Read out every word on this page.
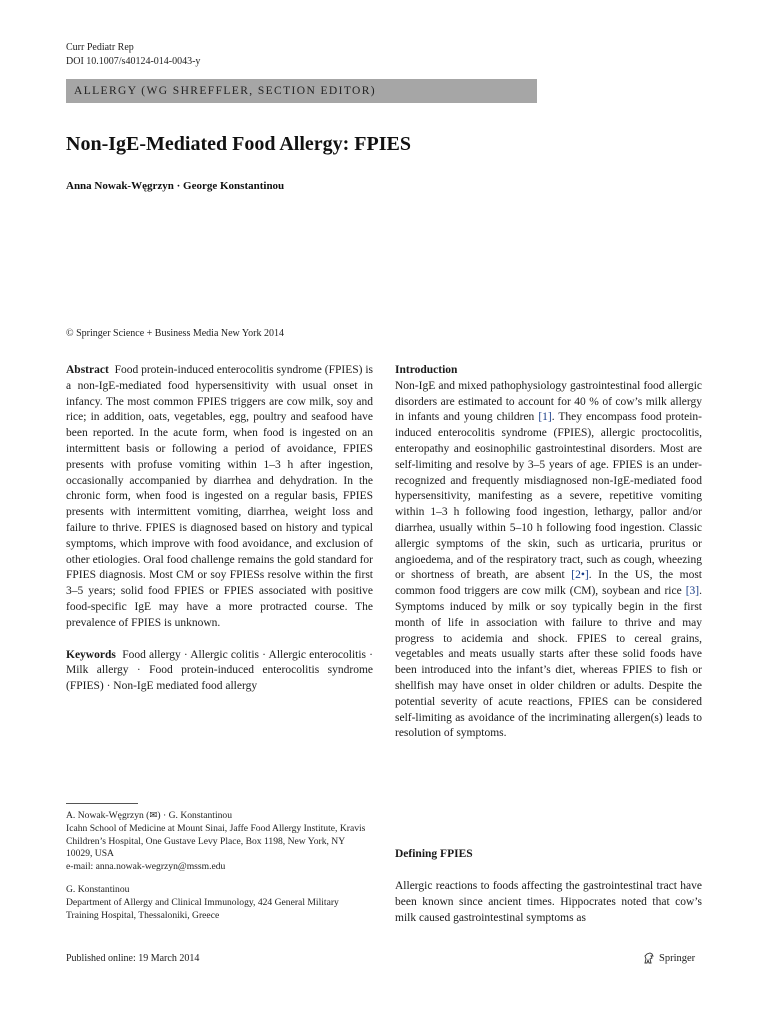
Curr Pediatr Rep
DOI 10.1007/s40124-014-0043-y
ALLERGY (WG SHREFFLER, SECTION EDITOR)
Non-IgE-Mediated Food Allergy: FPIES
Anna Nowak-Węgrzyn · George Konstantinou
© Springer Science + Business Media New York 2014

Abstract Food protein-induced enterocolitis syndrome (FPIES) is a non-IgE-mediated food hypersensitivity with usual onset in infancy. The most common FPIES triggers are cow milk, soy and rice; in addition, oats, vegetables, egg, poultry and seafood have been reported. In the acute form, when food is ingested on an intermittent basis or following a period of avoidance, FPIES presents with profuse vomiting within 1–3 h after ingestion, occasionally accompanied by diarrhea and dehydration. In the chronic form, when food is ingested on a regular basis, FPIES presents with intermittent vomiting, diarrhea, weight loss and failure to thrive. FPIES is diagnosed based on history and typical symptoms, which improve with food avoidance, and exclusion of other etiologies. Oral food challenge remains the gold standard for FPIES diagnosis. Most CM or soy FPIESs resolve within the first 3–5 years; solid food FPIES or FPIES associated with positive food-specific IgE may have a more protracted course. The prevalence of FPIES is unknown.

Keywords Food allergy · Allergic colitis · Allergic enterocolitis · Milk allergy · Food protein-induced enterocolitis syndrome (FPIES) · Non-IgE mediated food allergy

Introduction

Non-IgE and mixed pathophysiology gastrointestinal food allergic disorders are estimated to account for 40 % of cow’s milk allergy in infants and young children [1]. They encompass food protein-induced enterocolitis syndrome (FPIES), allergic proctocolitis, enteropathy and eosinophilic gastrointestinal disorders. Most are self-limiting and resolve by 3–5 years of age. FPIES is an under-recognized and frequently misdiagnosed non-IgE-mediated food hypersensitivity, manifesting as a severe, repetitive vomiting within 1–3 h following food ingestion, lethargy, pallor and/or diarrhea, usually within 5–10 h following food ingestion. Classic allergic symptoms of the skin, such as urticaria, pruritus or angioedema, and of the respiratory tract, such as cough, wheezing or shortness of breath, are absent [2•]. In the US, the most common food triggers are cow milk (CM), soybean and rice [3]. Symptoms induced by milk or soy typically begin in the first month of life in association with failure to thrive and may progress to acidemia and shock. FPIES to cereal grains, vegetables and meats usually starts after these solid foods have been introduced into the infant’s diet, whereas FPIES to fish or shellfish may have onset in older children or adults. Despite the potential severity of acute reactions, FPIES can be considered self-limiting as avoidance of the incriminating allergen(s) leads to resolution of symptoms.

Defining FPIES
Allergic reactions to foods affecting the gastrointestinal tract have been known since ancient times. Hippocrates noted that cow’s milk caused gastrointestinal symptoms as
A. Nowak-Węgrzyn (✉) · G. Konstantinou
Icahn School of Medicine at Mount Sinai, Jaffe Food Allergy Institute, Kravis Children’s Hospital, One Gustave Levy Place, Box 1198, New York, NY 10029, USA
e-mail: anna.nowak-wegrzyn@mssm.edu
G. Konstantinou
Department of Allergy and Clinical Immunology, 424 General Military Training Hospital, Thessaloniki, Greece
Published online: 19 March 2014	Springer
